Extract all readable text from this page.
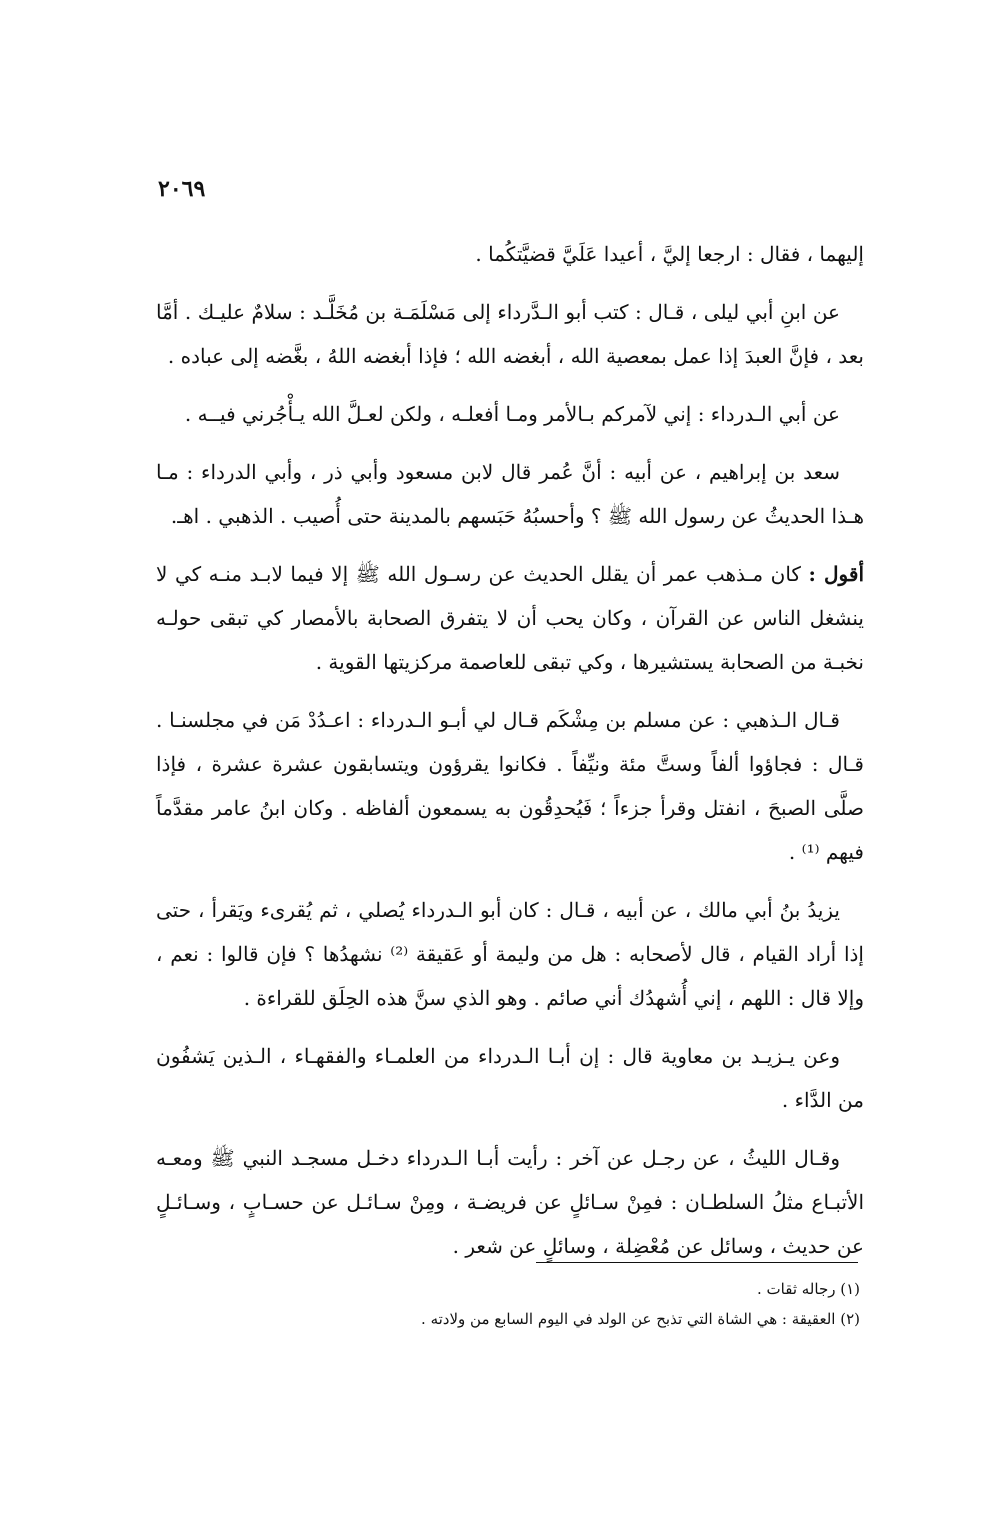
٢٠٦٩

إليهما ، فقال : ارجعا إليَّ ، أعيدا عَلَيَّ قضيَّتكُما .

عن ابنِ أبي ليلى ، قـال : كتب أبو الـدَّرداء إلى مَسْلَمَـة بن مُخَلَّـد : سلامٌ عليـك . أمَّا بعد ، فإنَّ العبدَ إذا عمل بمعصية الله ، أبغضه الله ؛ فإذا أبغضه اللهُ ، بغَّضه إلى عباده .

عن أبي الـدرداء : إني لآمركم بـالأمر ومـا أفعلـه ، ولكن لعـلَّ الله يـأْجُرني فيــه .

سعد بن إبراهيم ، عن أبيه : أنَّ عُمر قال لابن مسعود وأبي ذر ، وأبي الدرداء : مـا هـذا الحديثُ عن رسول الله ﷺ ؟ وأحسبُهُ حَبَسهم بالمدينة حتى أُصيب . الذهبي . اهـ.

أقول : كان مـذهب عمر أن يقلل الحديث عن رسـول الله ﷺ إلا فيما لابـد منـه كي لا ينشغل الناس عن القرآن ، وكان يحب أن لا يتفرق الصحابة بالأمصار كي تبقى حولـه نخبـة من الصحابة يستشيرها ، وكي تبقى للعاصمة مركزيتها القوية .

قـال الـذهبي : عن مسلم بن مِشْكَم قـال لي أبـو الـدرداء : اعـدُدْ مَن في مجلسنـا . قـال : فجاؤوا ألفاً وستَّ مئة ونيِّفاً . فكانوا يقرؤون ويتسابقون عشرة عشرة ، فإذا صلَّى الصبحَ ، انفتل وقرأ جزءاً ؛ فَيُحدِقُون به يسمعون ألفاظه . وكان ابنُ عامر مقدَّماً فيهم ⁽¹⁾ .

يزيدُ بنُ أبي مالك ، عن أبيه ، قـال : كان أبو الـدرداء يُصلي ، ثم يُقرىء ويَقرأ ، حتى إذا أراد القيام ، قال لأصحابه : هل من وليمة أو عَقيقة ⁽²⁾ نشهدُها ؟ فإن قالوا : نعم ، وإلا قال : اللهم ، إني أُشهدُك أني صائم . وهو الذي سنَّ هذه الحِلَق للقراءة .

وعن يـزيـد بن معاوية قال : إن أبـا الـدرداء من العلمـاء والفقهـاء ، الـذين يَشفُون من الدَّاء .

وقـال الليثُ ، عن رجـل عن آخر : رأيت أبـا الـدرداء دخـل مسجـد النبي ﷺ ومعـه الأتبـاع مثلُ السلطـان : فمِنْ سـائلٍ عن فريضـة ، ومِنْ سـائـل عن حسـابٍ ، وسـائـلٍ عن حديث ، وسائل عن مُعْضِلة ، وسائلٍ عن شعر .

(١) رجاله ثقات .

(٢) العقيقة : هي الشاة التي تذبح عن الولد في اليوم السابع من ولادته .
